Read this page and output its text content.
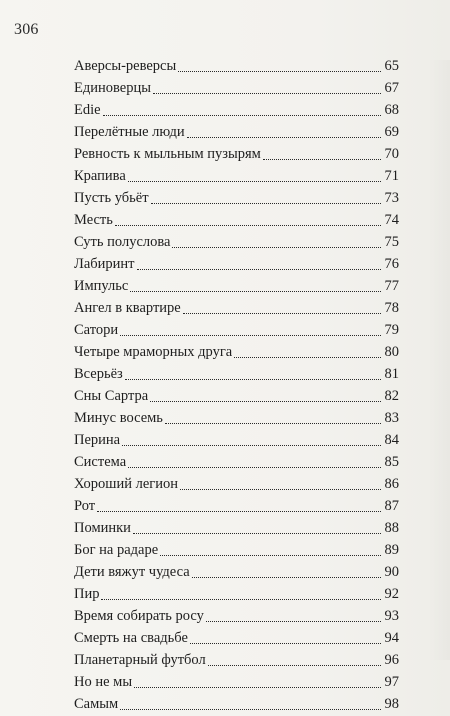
306
Аверсы-реверсы	65
Единоверцы	67
Edie	68
Перелётные люди	69
Ревность к мыльным пузырям	70
Крапива	71
Пусть убьёт	73
Месть	74
Суть полуслова	75
Лабиринт	76
Импульс	77
Ангел в квартире	78
Сатори	79
Четыре мраморных друга	80
Всерьёз	81
Сны Сартра	82
Минус восемь	83
Перина	84
Система	85
Хороший легион	86
Рот	87
Поминки	88
Бог на радаре	89
Дети вяжут чудеса	90
Пир	92
Время собирать росу	93
Смерть на свадьбе	94
Планетарный футбол	96
Но не мы	97
Самым	98
